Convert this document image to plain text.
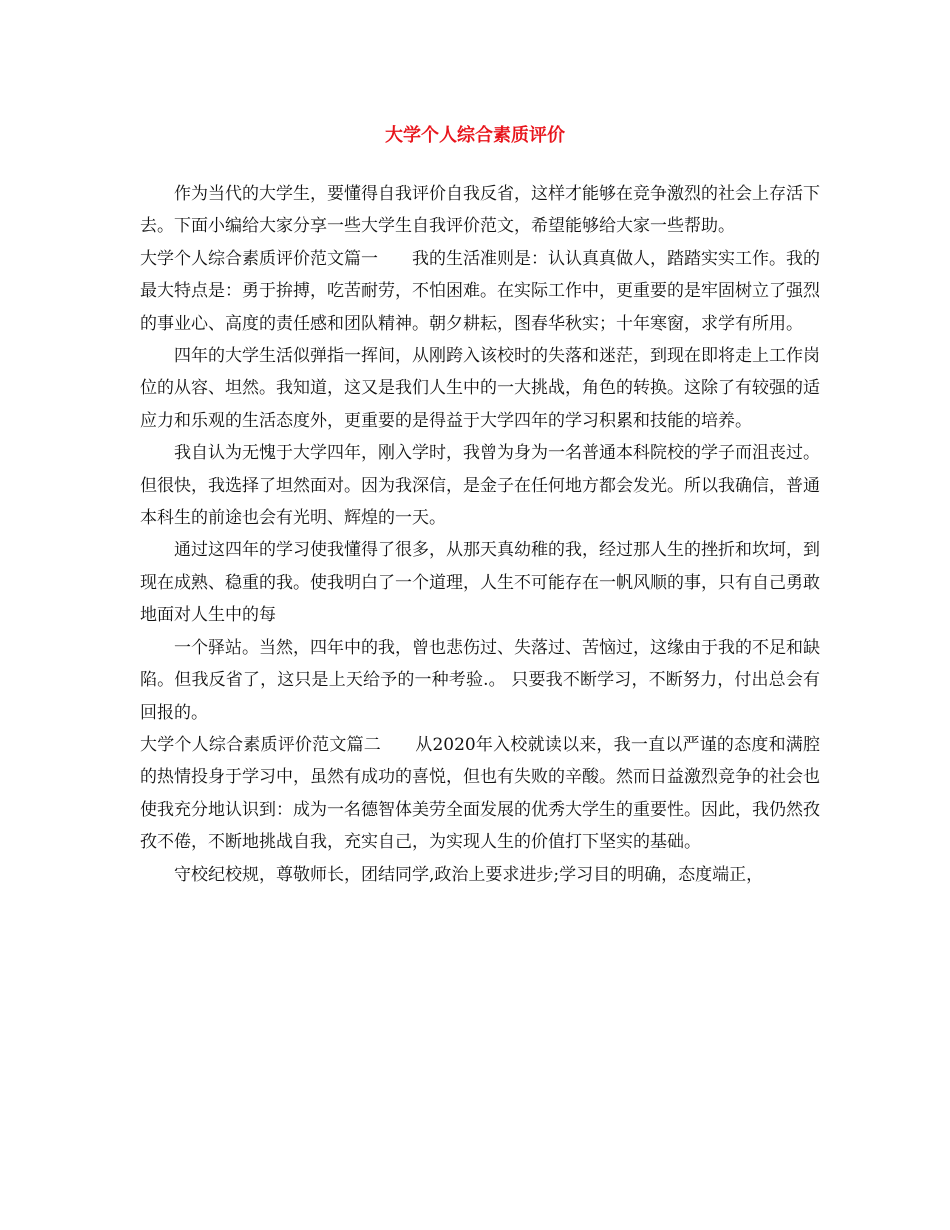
大学个人综合素质评价

作为当代的大学生，要懂得自我评价自我反省，这样才能够在竞争激烈的社会上存活下去。下面小编给大家分享一些大学生自我评价范文，希望能够给大家一些帮助。

大学个人综合素质评价范文篇一 我的生活准则是：认认真真做人，踏踏实实工作。我的最大特点是：勇于拚搏，吃苦耐劳，不怕困难。在实际工作中，更重要的是牢固树立了强烈的事业心、高度的责任感和团队精神。朝夕耕耘，图春华秋实；十年寒窗，求学有所用。

四年的大学生活似弹指一挥间，从刚跨入该校时的失落和迷茫，到现在即将走上工作岗位的从容、坦然。我知道，这又是我们人生中的一大挑战，角色的转换。这除了有较强的适应力和乐观的生活态度外，更重要的是得益于大学四年的学习积累和技能的培养。

我自认为无愧于大学四年，刚入学时，我曾为身为一名普通本科院校的学子而沮丧过。但很快，我选择了坦然面对。因为我深信，是金子在任何地方都会发光。所以我确信，普通本科生的前途也会有光明、辉煌的一天。

通过这四年的学习使我懂得了很多，从那天真幼稚的我，经过那人生的挫折和坎坷，到现在成熟、稳重的我。使我明白了一个道理，人生不可能存在一帆风顺的事，只有自己勇敢地面对人生中的每

一个驿站。当然，四年中的我，曾也悲伤过、失落过、苦恼过，这缘由于我的不足和缺陷。但我反省了，这只是上天给予的一种考验.。 只要我不断学习，不断努力，付出总会有回报的。

大学个人综合素质评价范文篇二 从2020年入校就读以来，我一直以严谨的态度和满腔的热情投身于学习中，虽然有成功的喜悦，但也有失败的辛酸。然而日益激烈竞争的社会也使我充分地认识到：成为一名德智体美劳全面发展的优秀大学生的重要性。因此，我仍然孜孜不倦，不断地挑战自我，充实自己，为实现人生的价值打下坚实的基础。

守校纪校规，尊敬师长，团结同学,政治上要求进步;学习目的明确，态度端正，
